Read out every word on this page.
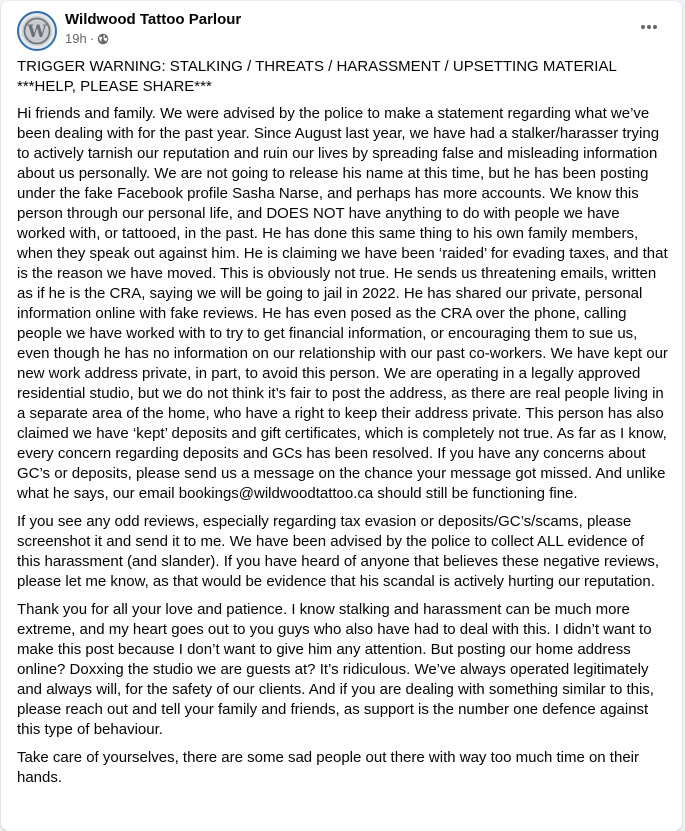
W
Wildwood Tattoo Parlour
19h ·

TRIGGER WARNING: STALKING / THREATS / HARASSMENT / UPSETTING MATERIAL ***HELP, PLEASE SHARE***

Hi friends and family. We were advised by the police to make a statement regarding what we’ve been dealing with for the past year. Since August last year, we have had a stalker/harasser trying to actively tarnish our reputation and ruin our lives by spreading false and misleading information about us personally. We are not going to release his name at this time, but he has been posting under the fake Facebook profile Sasha Narse, and perhaps has more accounts. We know this person through our personal life, and DOES NOT have anything to do with people we have worked with, or tattooed, in the past. He has done this same thing to his own family members, when they speak out against him. He is claiming we have been ‘raided’ for evading taxes, and that is the reason we have moved. This is obviously not true. He sends us threatening emails, written as if he is the CRA, saying we will be going to jail in 2022. He has shared our private, personal information online with fake reviews. He has even posed as the CRA over the phone, calling people we have worked with to try to get financial information, or encouraging them to sue us, even though he has no information on our relationship with our past co-workers. We have kept our new work address private, in part, to avoid this person. We are operating in a legally approved residential studio, but we do not think it’s fair to post the address, as there are real people living in a separate area of the home, who have a right to keep their address private. This person has also claimed we have ‘kept’ deposits and gift certificates, which is completely not true. As far as I know, every concern regarding deposits and GCs has been resolved. If you have any concerns about GC’s or deposits, please send us a message on the chance your message got missed. And unlike what he says, our email bookings@wildwoodtattoo.ca should still be functioning fine.

If you see any odd reviews, especially regarding tax evasion or deposits/GC’s/scams, please screenshot it and send it to me. We have been advised by the police to collect ALL evidence of this harassment (and slander). If you have heard of anyone that believes these negative reviews, please let me know, as that would be evidence that his scandal is actively hurting our reputation.

Thank you for all your love and patience. I know stalking and harassment can be much more extreme, and my heart goes out to you guys who also have had to deal with this. I didn’t want to make this post because I don’t want to give him any attention. But posting our home address online? Doxxing the studio we are guests at? It’s ridiculous. We’ve always operated legitimately and always will, for the safety of our clients. And if you are dealing with something similar to this, please reach out and tell your family and friends, as support is the number one defence against this type of behaviour.

Take care of yourselves, there are some sad people out there with way too much time on their hands.
